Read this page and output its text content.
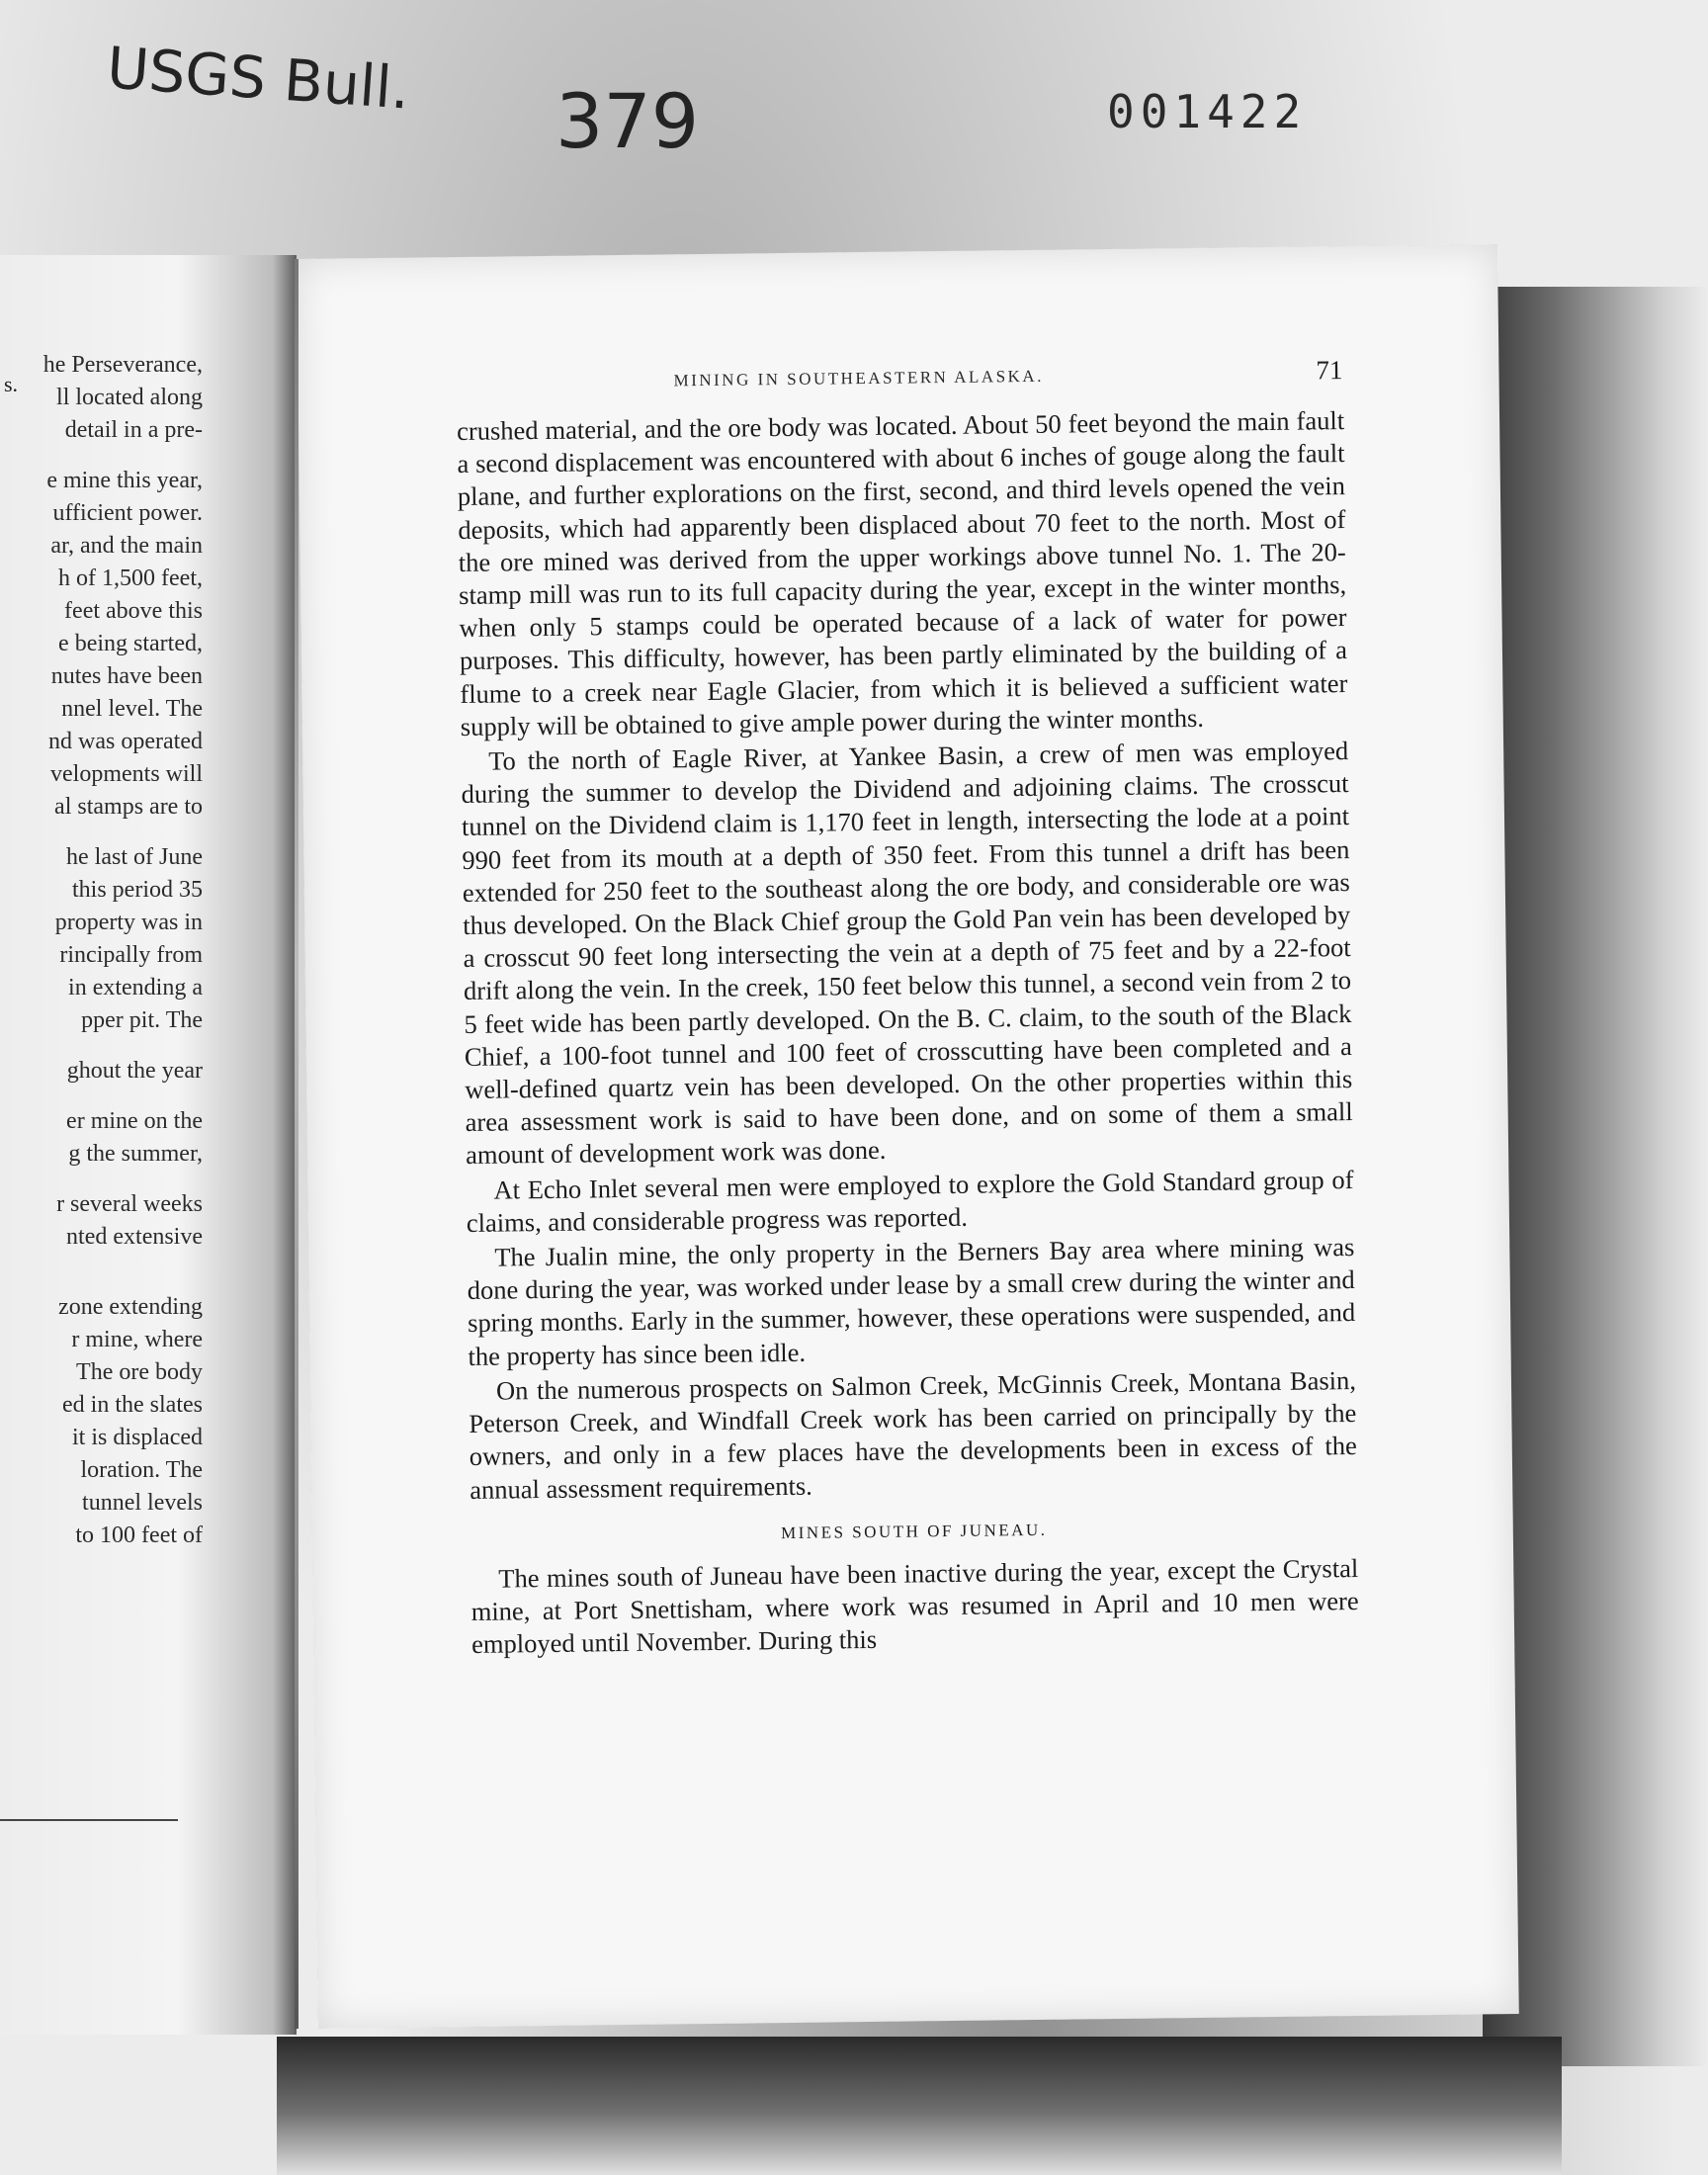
USGS Bull. 379	001422
s.
he Perseverance,
ll located along
detail in a pre-
e mine this year,
ufficient power.
ar, and the main
h of 1,500 feet,
feet above this
e being started,
nutes have been
nnel level. The
nd was operated
velopments will
al stamps are to
he last of June
this period 35
property was in
rincipally from
in extending a
pper pit. The
ghout the year
er mine on the
g the summer,
r several weeks
nted extensive
zone extending
r mine, where
The ore body
ed in the slates
it is displaced
loration. The
tunnel levels
to 100 feet of
MINING IN SOUTHEASTERN ALASKA.	71

crushed material, and the ore body was located. About 50 feet beyond the main fault a second displacement was encountered with about 6 inches of gouge along the fault plane, and further explorations on the first, second, and third levels opened the vein deposits, which had apparently been displaced about 70 feet to the north. Most of the ore mined was derived from the upper workings above tunnel No. 1. The 20-stamp mill was run to its full capacity during the year, except in the winter months, when only 5 stamps could be operated because of a lack of water for power purposes. This difficulty, however, has been partly eliminated by the building of a flume to a creek near Eagle Glacier, from which it is believed a sufficient water supply will be obtained to give ample power during the winter months.

To the north of Eagle River, at Yankee Basin, a crew of men was employed during the summer to develop the Dividend and adjoining claims. The crosscut tunnel on the Dividend claim is 1,170 feet in length, intersecting the lode at a point 990 feet from its mouth at a depth of 350 feet. From this tunnel a drift has been extended for 250 feet to the southeast along the ore body, and considerable ore was thus developed. On the Black Chief group the Gold Pan vein has been developed by a crosscut 90 feet long intersecting the vein at a depth of 75 feet and by a 22-foot drift along the vein. In the creek, 150 feet below this tunnel, a second vein from 2 to 5 feet wide has been partly developed. On the B. C. claim, to the south of the Black Chief, a 100-foot tunnel and 100 feet of crosscutting have been completed and a well-defined quartz vein has been developed. On the other properties within this area assessment work is said to have been done, and on some of them a small amount of development work was done.

At Echo Inlet several men were employed to explore the Gold Standard group of claims, and considerable progress was reported.

The Jualin mine, the only property in the Berners Bay area where mining was done during the year, was worked under lease by a small crew during the winter and spring months. Early in the summer, however, these operations were suspended, and the property has since been idle.

On the numerous prospects on Salmon Creek, McGinnis Creek, Montana Basin, Peterson Creek, and Windfall Creek work has been carried on principally by the owners, and only in a few places have the developments been in excess of the annual assessment requirements.

MINES SOUTH OF JUNEAU.

The mines south of Juneau have been inactive during the year, except the Crystal mine, at Port Snettisham, where work was resumed in April and 10 men were employed until November. During this
